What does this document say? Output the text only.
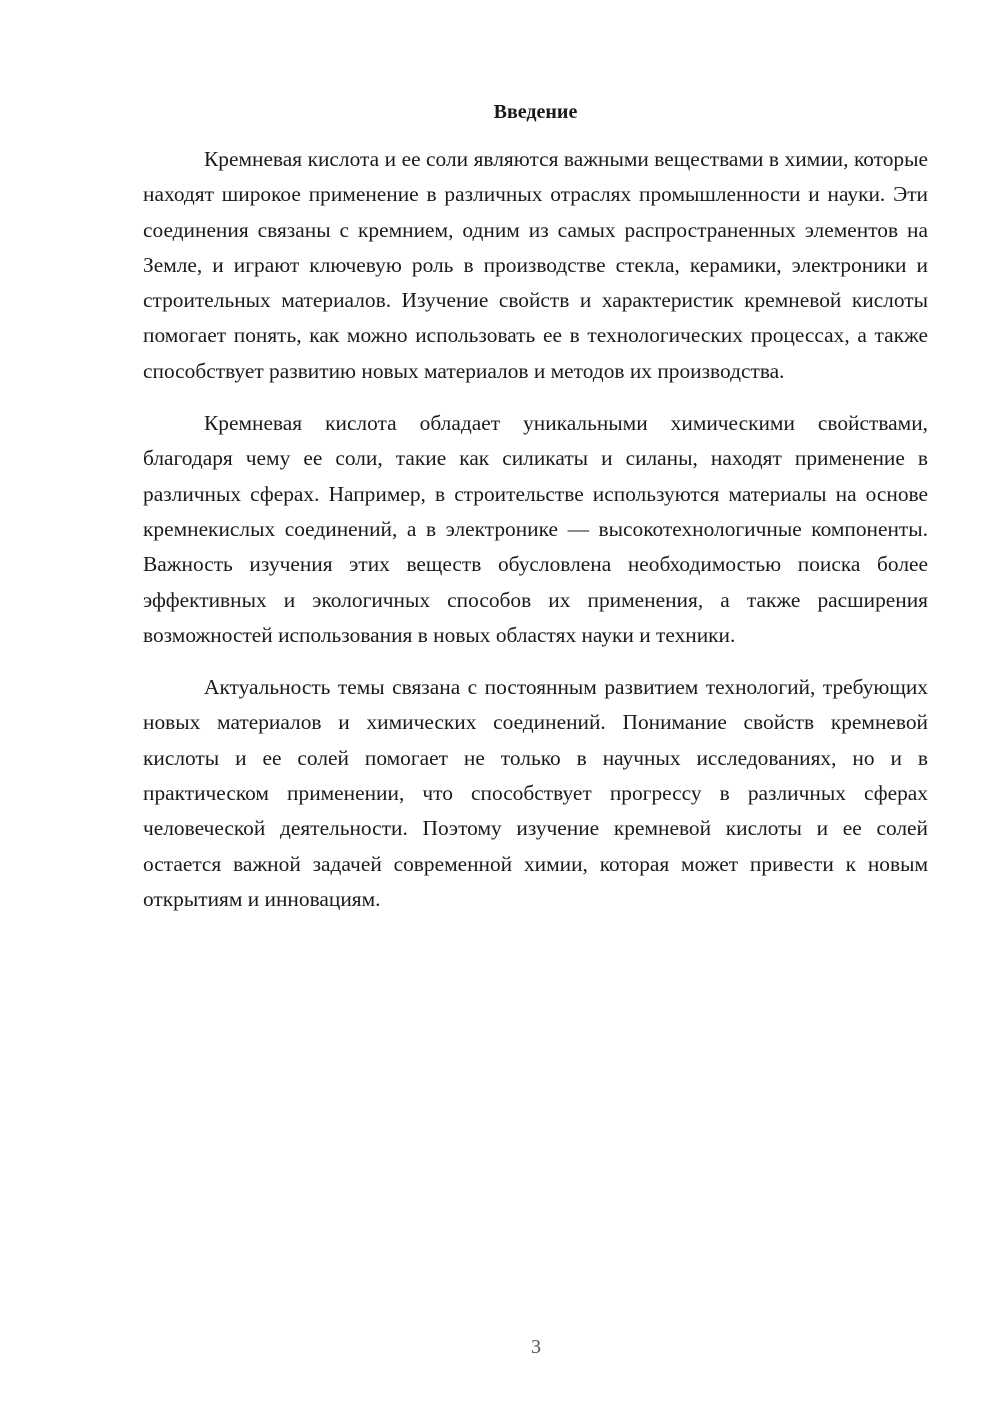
Введение

Кремневая кислота и ее соли являются важными веществами в химии, которые находят широкое применение в различных отраслях промышленности и науки. Эти соединения связаны с кремнием, одним из самых распространенных элементов на Земле, и играют ключевую роль в производстве стекла, керамики, электроники и строительных материалов. Изучение свойств и характеристик кремневой кислоты помогает понять, как можно использовать ее в технологических процессах, а также способствует развитию новых материалов и методов их производства.

Кремневая кислота обладает уникальными химическими свойствами, благодаря чему ее соли, такие как силикаты и силаны, находят применение в различных сферах. Например, в строительстве используются материалы на основе кремнекислых соединений, а в электронике — высокотехнологичные компоненты. Важность изучения этих веществ обусловлена необходимостью поиска более эффективных и экологичных способов их применения, а также расширения возможностей использования в новых областях науки и техники.

Актуальность темы связана с постоянным развитием технологий, требующих новых материалов и химических соединений. Понимание свойств кремневой кислоты и ее солей помогает не только в научных исследованиях, но и в практическом применении, что способствует прогрессу в различных сферах человеческой деятельности. Поэтому изучение кремневой кислоты и ее солей остается важной задачей современной химии, которая может привести к новым открытиям и инновациям.

3
